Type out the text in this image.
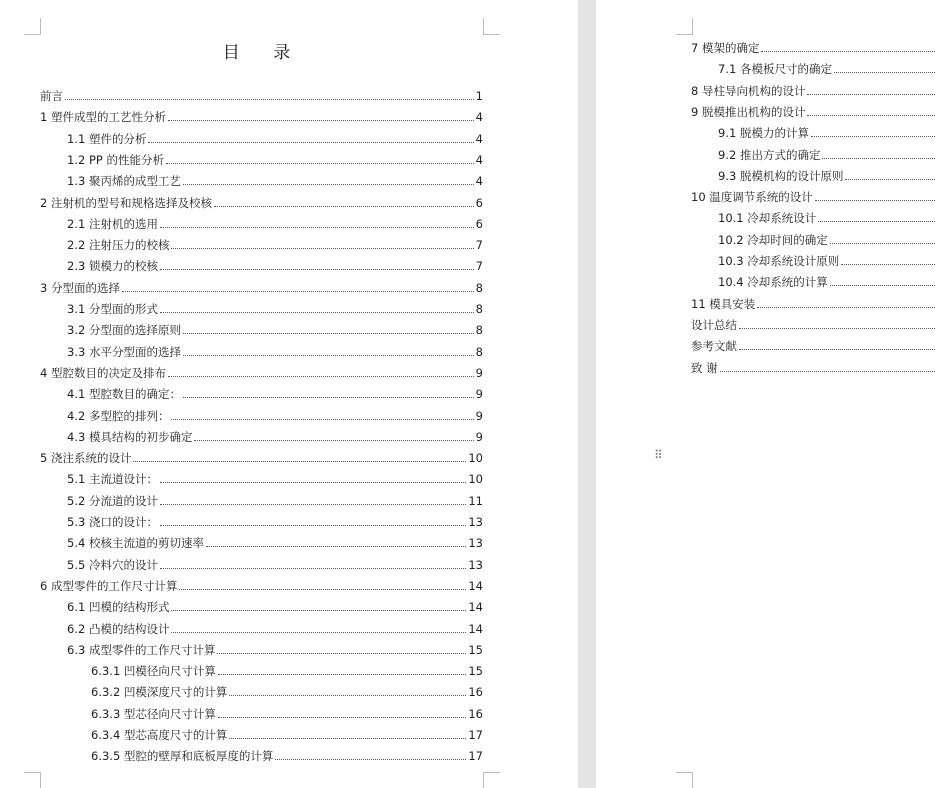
目 录
前言	1
1 塑件成型的工艺性分析	4
1.1 塑件的分析	4
1.2 PP 的性能分析	4
1.3 聚丙烯的成型工艺	4
2 注射机的型号和规格选择及校核	6
2.1 注射机的选用	6
2.2 注射压力的校核	7
2.3 锁模力的校核	7
3 分型面的选择	8
3.1 分型面的形式	8
3.2 分型面的选择原则	8
3.3 水平分型面的选择	8
4 型腔数目的决定及排布	9
4.1 型腔数目的确定：	9
4.2 多型腔的排列：	9
4.3 模具结构的初步确定	9
5 浇注系统的设计	10
5.1 主流道设计：	10
5.2 分流道的设计	11
5.3 浇口的设计：	13
5.4 校核主流道的剪切速率	13
5.5 冷料穴的设计	13
6 成型零件的工作尺寸计算	14
6.1 凹模的结构形式	14
6.2 凸模的结构设计	14
6.3 成型零件的工作尺寸计算	15
6.3.1 凹模径向尺寸计算	15
6.3.2 凹模深度尺寸的计算	16
6.3.3 型芯径向尺寸计算	16
6.3.4 型芯高度尺寸的计算	17
6.3.5 型腔的壁厚和底板厚度的计算	17
7 模架的确定
7.1 各模板尺寸的确定
8 导柱导向机构的设计
9 脱模推出机构的设计
9.1 脱模力的计算
9.2 推出方式的确定
9.3 脱模机构的设计原则
10 温度调节系统的设计
10.1 冷却系统设计
10.2 冷却时间的确定
10.3 冷却系统设计原则
10.4 冷却系统的计算
11 模具安装
设计总结
参考文献
致 谢
⠿
